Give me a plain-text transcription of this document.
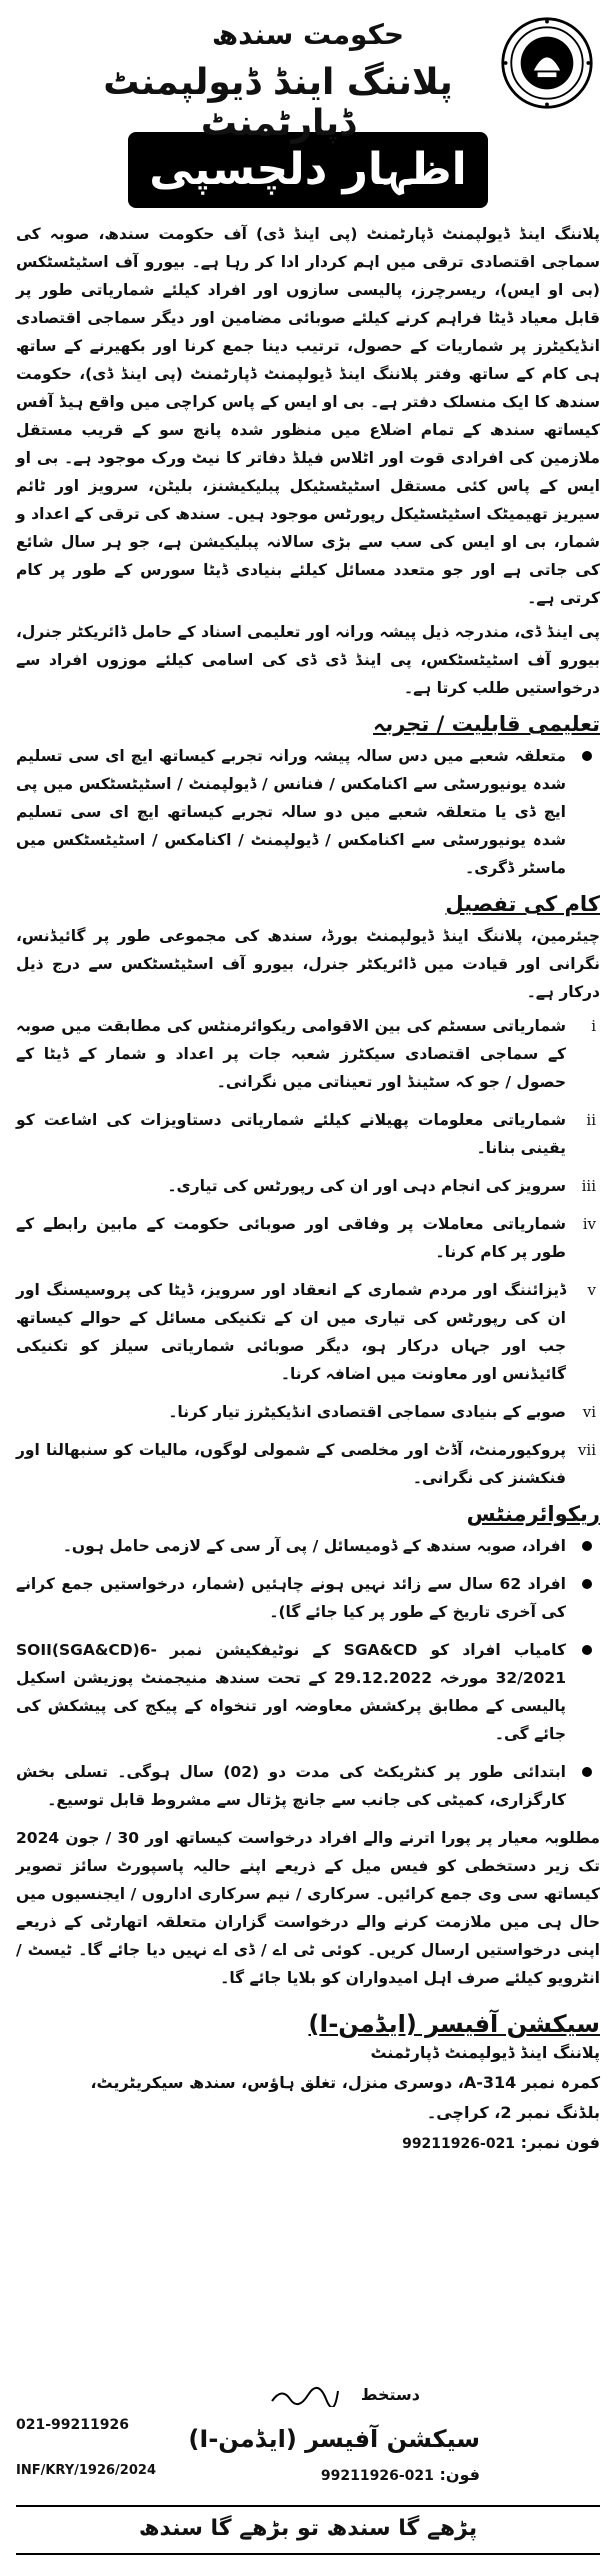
حکومت سندھ
پلاننگ اینڈ ڈیولپمنٹ ڈپارٹمنٹ
اظہار دلچسپی

پلاننگ اینڈ ڈیولپمنٹ ڈپارٹمنٹ (پی اینڈ ڈی) آف حکومت سندھ، صوبہ کی سماجی اقتصادی ترقی میں اہم کردار ادا کر رہا ہے۔ بیورو آف اسٹیٹسٹکس (بی او ایس)، ریسرچرز، پالیسی سازوں اور افراد کیلئے شماریاتی طور پر قابل معیاد ڈیٹا فراہم کرنے کیلئے صوبائی مضامین اور دیگر سماجی اقتصادی انڈیکیٹرز پر شماریات کے حصول، ترتیب دینا جمع کرنا اور بکھیرنے کے ساتھ ہی کام کے ساتھ وفتر پلاننگ اینڈ ڈیولپمنٹ ڈپارٹمنٹ (پی اینڈ ڈی)، حکومت سندھ کا ایک منسلک دفتر ہے۔ بی او ایس کے پاس کراچی میں واقع ہیڈ آفس کیساتھ سندھ کے تمام اضلاع میں منظور شدہ پانچ سو کے قریب مستقل ملازمین کی افرادی قوت اور اٹلاس فیلڈ دفاتر کا نیٹ ورک موجود ہے۔ بی او ایس کے پاس کئی مستقل اسٹیٹسٹیکل پبلیکیشنز، بلیٹن، سرویز اور ٹائم سیریز تھیمیٹک اسٹیٹسٹیکل رپورٹس موجود ہیں۔ سندھ کی ترقی کے اعداد و شمار، بی او ایس کی سب سے بڑی سالانہ پبلیکیشن ہے، جو ہر سال شائع کی جاتی ہے اور جو متعدد مسائل کیلئے بنیادی ڈیٹا سورس کے طور پر کام کرتی ہے۔

پی اینڈ ڈی، مندرجہ ذیل پیشہ ورانہ اور تعلیمی اسناد کے حامل ڈائریکٹر جنرل، بیورو آف اسٹیٹسٹکس، پی اینڈ ڈی ڈی کی اسامی کیلئے موزوں افراد سے درخواستیں طلب کرتا ہے۔

تعلیمی قابلیت / تجربہ
متعلقہ شعبے میں دس سالہ پیشہ ورانہ تجربے کیساتھ ایچ ای سی تسلیم شدہ یونیورسٹی سے اکنامکس / فنانس / ڈیولپمنٹ / اسٹیٹسٹکس میں پی ایچ ڈی یا متعلقہ شعبے میں دو سالہ تجربے کیساتھ ایچ ای سی تسلیم شدہ یونیورسٹی سے اکنامکس / ڈیولپمنٹ / اکنامکس / اسٹیٹسٹکس میں ماسٹر ڈگری۔
کام کی تفصیل

چیئرمین، پلاننگ اینڈ ڈیولپمنٹ بورڈ، سندھ کی مجموعی طور پر گائیڈنس، نگرانی اور قیادت میں ڈائریکٹر جنرل، بیورو آف اسٹیٹسٹکس سے درج ذیل درکار ہے۔

i
شماریاتی سسٹم کی بین الاقوامی ریکوائرمنٹس کی مطابقت میں صوبہ کے سماجی اقتصادی سیکٹرز شعبہ جات پر اعداد و شمار کے ڈیٹا کے حصول / جو کہ سٹینڈ اور تعیناتی میں نگرانی۔
ii
شماریاتی معلومات پھیلانے کیلئے شماریاتی دستاویزات کی اشاعت کو یقینی بنانا۔
iii
سرویز کی انجام دہی اور ان کی رپورٹس کی تیاری۔
iv
شماریاتی معاملات پر وفاقی اور صوبائی حکومت کے مابین رابطے کے طور پر کام کرنا۔
v
ڈیزائننگ اور مردم شماری کے انعقاد اور سرویز، ڈیٹا کی پروسیسنگ اور ان کی رپورٹس کی تیاری میں ان کے تکنیکی مسائل کے حوالے کیساتھ جب اور جہاں درکار ہو، دیگر صوبائی شماریاتی سیلز کو تکنیکی گائیڈنس اور معاونت میں اضافہ کرنا۔
vi
صوبے کے بنیادی سماجی اقتصادی انڈیکیٹرز تیار کرنا۔
vii
پروکیورمنٹ، آڈٹ اور مخلصی کے شمولی لوگوں، مالیات کو سنبھالنا اور فنکشنز کی نگرانی۔
ریکوائرمنٹس
افراد، صوبہ سندھ کے ڈومیسائل / پی آر سی کے لازمی حامل ہوں۔
افراد 62 سال سے زائد نہیں ہونے چاہئیں (شمار، درخواستیں جمع کرانے کی آخری تاریخ کے طور پر کیا جائے گا)۔
کامیاب افراد کو SGA&CD کے نوٹیفکیشن نمبر SOII(SGA&CD)6-32/2021 مورخہ 29.12.2022 کے تحت سندھ منیجمنٹ پوزیشن اسکیل پالیسی کے مطابق پرکشش معاوضہ اور تنخواہ کے پیکج کی پیشکش کی جائے گی۔
ابتدائی طور پر کنٹریکٹ کی مدت دو (02) سال ہوگی۔ تسلی بخش کارگزاری، کمیٹی کی جانب سے جانچ پڑتال سے مشروط قابل توسیع۔

مطلوبہ معیار پر پورا اترنے والے افراد درخواست کیساتھ اور 30 / جون 2024 تک زیر دستخطی کو فیس میل کے ذریعے اپنے حالیہ پاسپورٹ سائز تصویر کیساتھ سی وی جمع کرائیں۔ سرکاری / نیم سرکاری اداروں / ایجنسیوں میں حال ہی میں ملازمت کرنے والے درخواست گزاران متعلقہ اتھارٹی کے ذریعے اپنی درخواستیں ارسال کریں۔ کوئی ٹی اے / ڈی اے نہیں دیا جائے گا۔ ٹیسٹ / انٹرویو کیلئے صرف اہل امیدواران کو بلایا جائے گا۔

سیکشن آفیسر (ایڈمن-I)
پلاننگ اینڈ ڈیولپمنٹ ڈپارٹمنٹ
کمرہ نمبر 314-A، دوسری منزل، تغلق ہاؤس، سندھ سیکریٹریٹ،
بلڈنگ نمبر 2، کراچی۔
فون نمبر: 021-99211926
دستخط
021-99211926 سیکشن آفیسر (ایڈمن-I)
فون: 021-99211926
INF/KRY/1926/2024
پڑھے گا سندھ تو بڑھے گا سندھ
